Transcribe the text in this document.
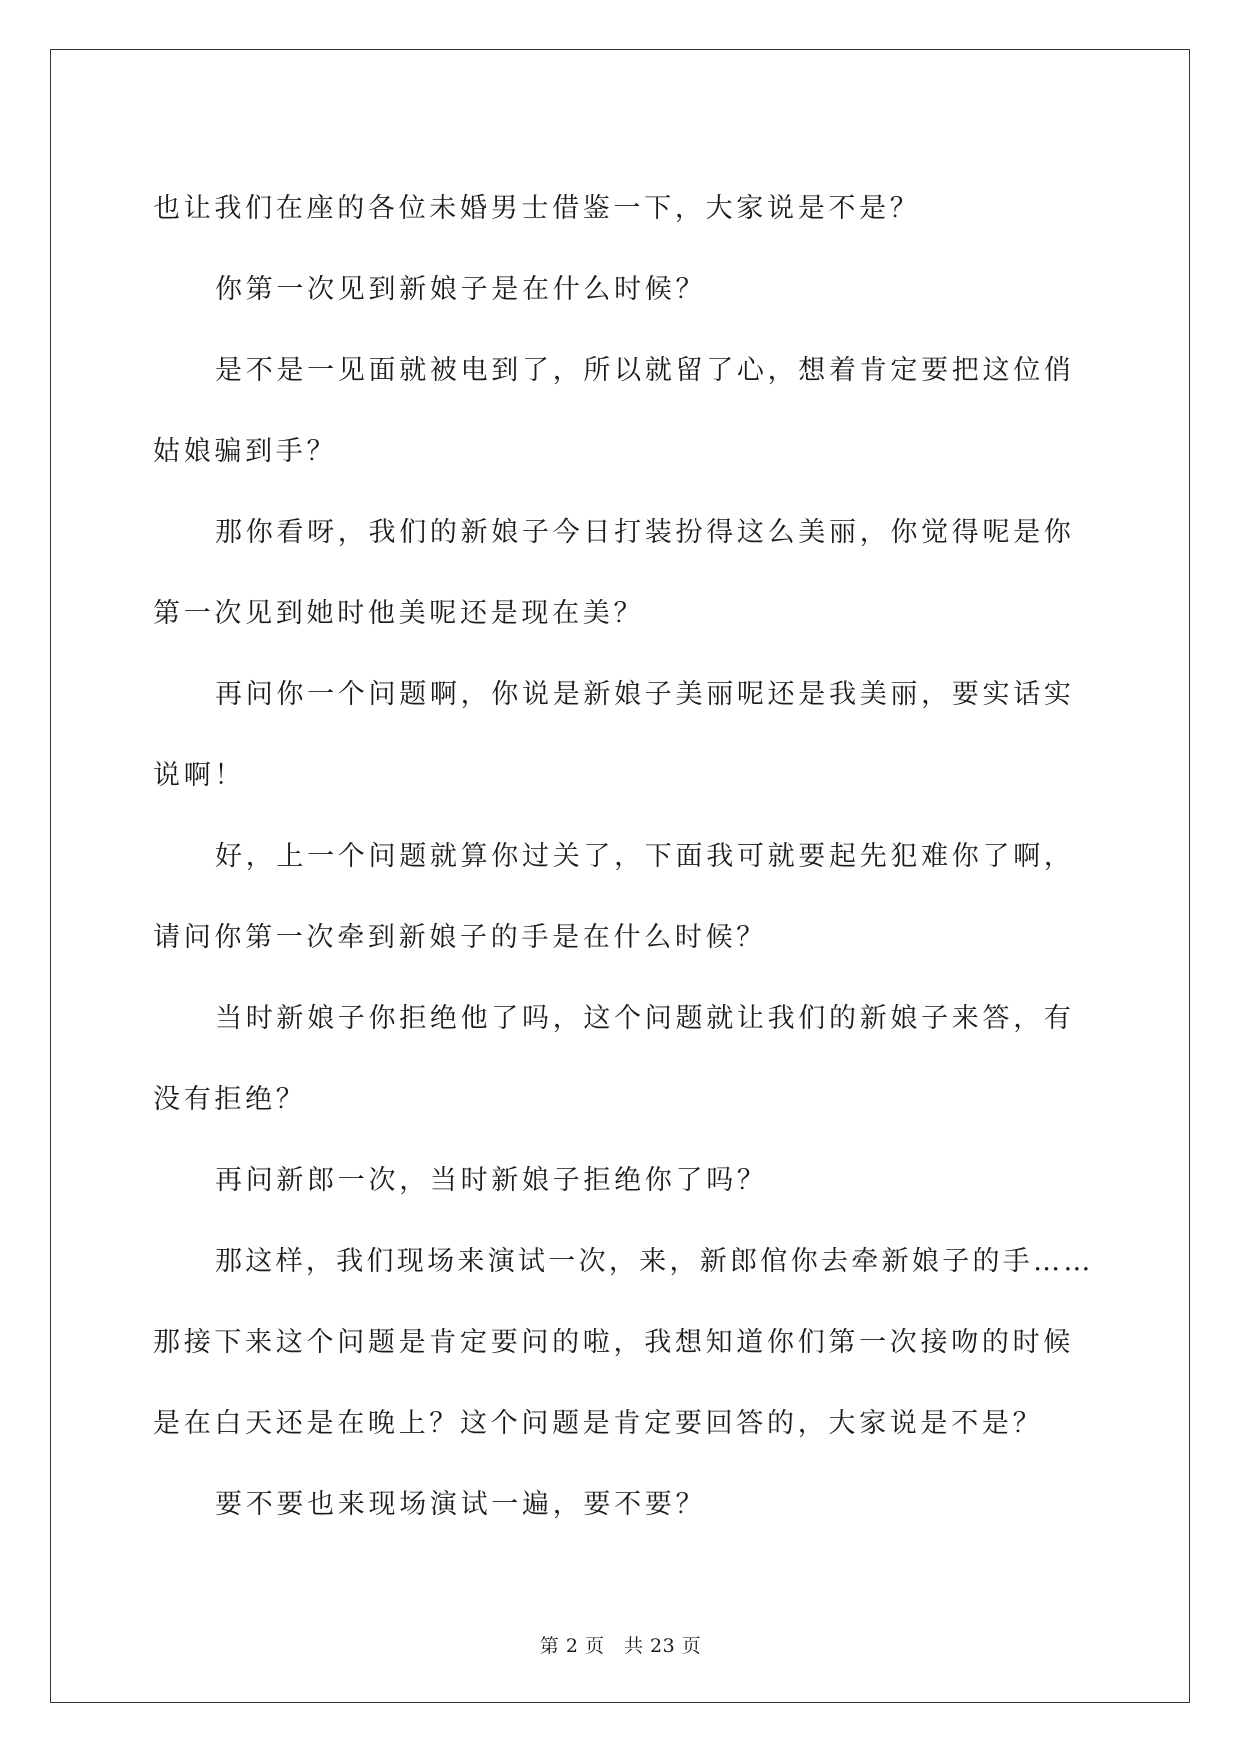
也让我们在座的各位未婚男士借鉴一下，大家说是不是？

你第一次见到新娘子是在什么时候？

是不是一见面就被电到了，所以就留了心，想着肯定要把这位俏

姑娘骗到手？

那你看呀，我们的新娘子今日打装扮得这么美丽，你觉得呢是你

第一次见到她时他美呢还是现在美？

再问你一个问题啊，你说是新娘子美丽呢还是我美丽，要实话实

说啊！

好，上一个问题就算你过关了，下面我可就要起先犯难你了啊，

请问你第一次牵到新娘子的手是在什么时候？

当时新娘子你拒绝他了吗，这个问题就让我们的新娘子来答，有

没有拒绝？

再问新郎一次，当时新娘子拒绝你了吗？

那这样，我们现场来演试一次，来，新郎倌你去牵新娘子的手……

那接下来这个问题是肯定要问的啦，我想知道你们第一次接吻的时候

是在白天还是在晚上？这个问题是肯定要回答的，大家说是不是？

要不要也来现场演试一遍，要不要？

第 2 页　共 23 页
